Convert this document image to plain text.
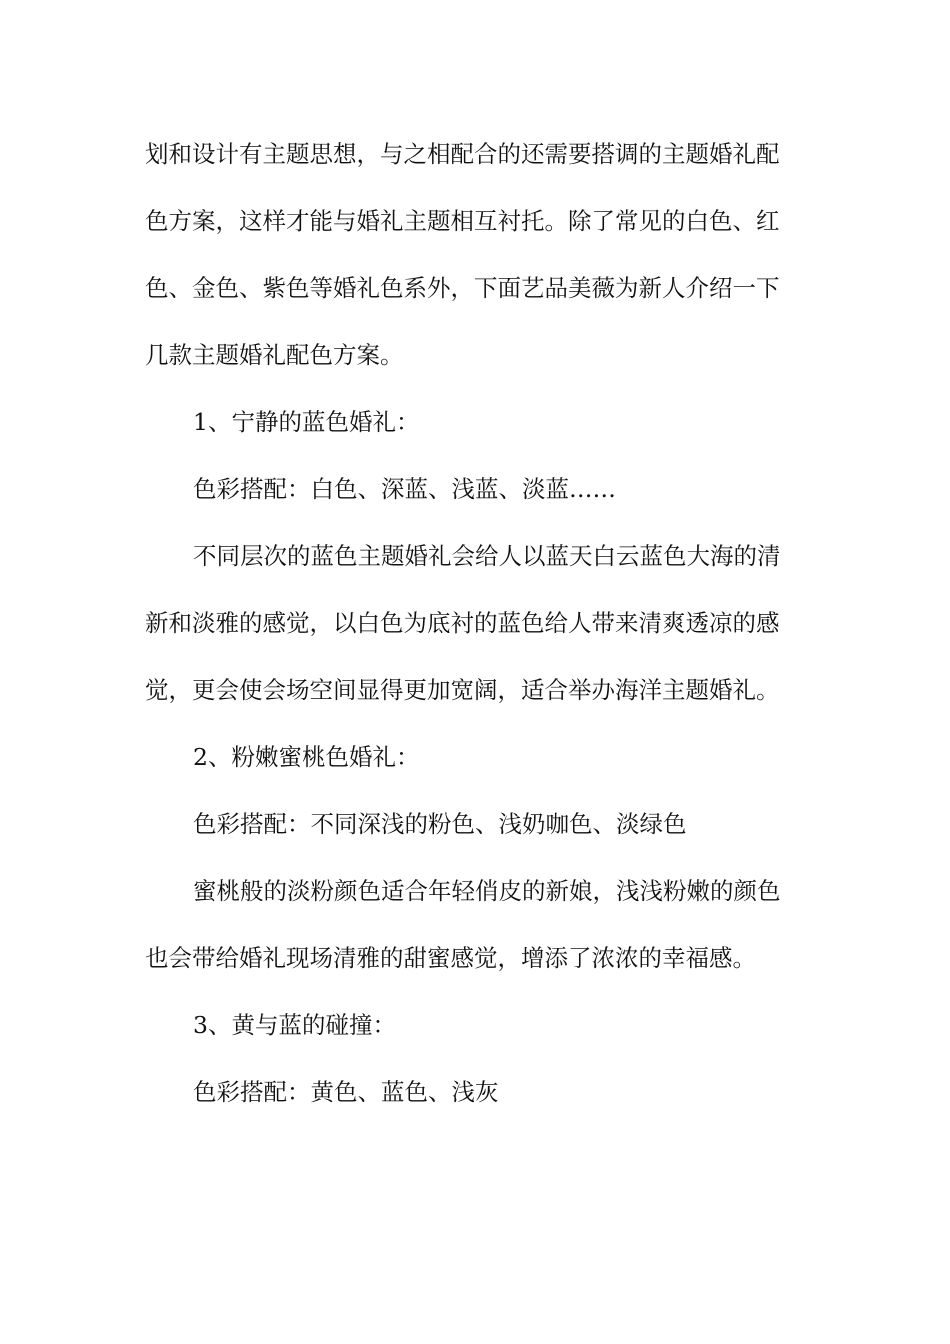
划和设计有主题思想，与之相配合的还需要搭调的主题婚礼配
色方案，这样才能与婚礼主题相互衬托。除了常见的白色、红
色、金色、紫色等婚礼色系外，下面艺品美薇为新人介绍一下
几款主题婚礼配色方案。
1、宁静的蓝色婚礼：
色彩搭配：白色、深蓝、浅蓝、淡蓝……
不同层次的蓝色主题婚礼会给人以蓝天白云蓝色大海的清
新和淡雅的感觉，以白色为底衬的蓝色给人带来清爽透凉的感
觉，更会使会场空间显得更加宽阔，适合举办海洋主题婚礼。
2、粉嫩蜜桃色婚礼：
色彩搭配：不同深浅的粉色、浅奶咖色、淡绿色
蜜桃般的淡粉颜色适合年轻俏皮的新娘，浅浅粉嫩的颜色
也会带给婚礼现场清雅的甜蜜感觉，增添了浓浓的幸福感。
3、黄与蓝的碰撞：
色彩搭配：黄色、蓝色、浅灰
